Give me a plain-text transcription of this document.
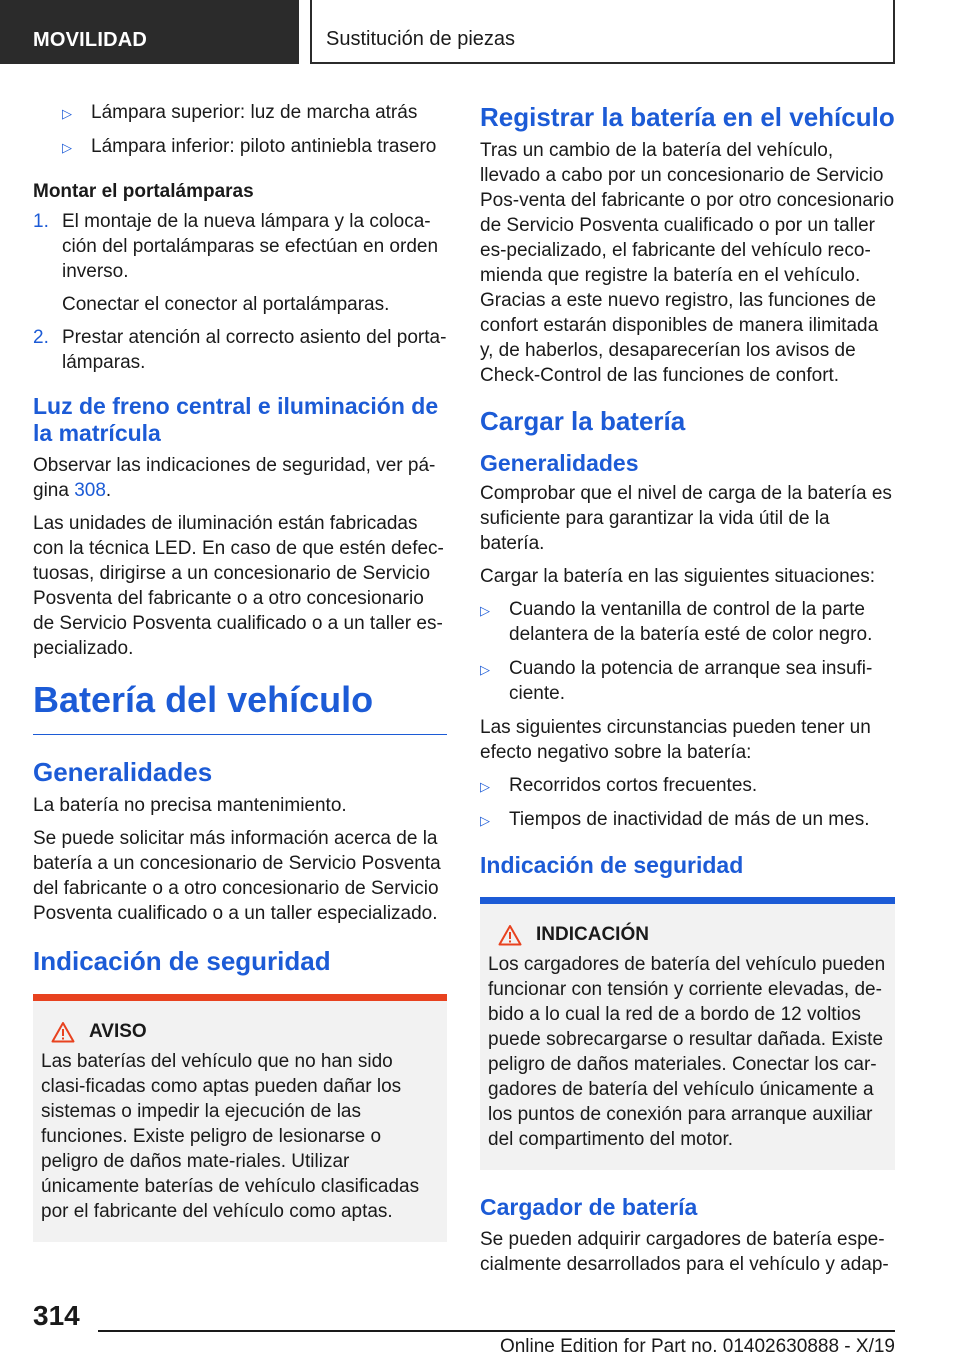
MOVILIDAD	Sustitución de piezas
▷ Lámpara superior: luz de marcha atrás
▷ Lámpara inferior: piloto antiniebla trasero
Montar el portalámparas
1. El montaje de la nueva lámpara y la coloca-ción del portalámparas se efectúan en orden inverso.
Conectar el conector al portalámparas.
2. Prestar atención al correcto asiento del porta-lámparas.
Luz de freno central e iluminación de la matrícula

Observar las indicaciones de seguridad, ver pá-gina 308.

Las unidades de iluminación están fabricadas con la técnica LED. En caso de que estén defec-tuosas, dirigirse a un concesionario de Servicio Posventa del fabricante o a otro concesionario de Servicio Posventa cualificado o a un taller es-pecializado.

Batería del vehículo
Generalidades

La batería no precisa mantenimiento.

Se puede solicitar más información acerca de la batería a un concesionario de Servicio Posventa del fabricante o a otro concesionario de Servicio Posventa cualificado o a un taller especializado.

Indicación de seguridad
AVISO
Las baterías del vehículo que no han sido clasi-ficadas como aptas pueden dañar los sistemas o impedir la ejecución de las funciones. Existe peligro de lesionarse o peligro de daños mate-riales. Utilizar únicamente baterías de vehículo clasificadas por el fabricante del vehículo como aptas.
Registrar la batería en el vehículo

Tras un cambio de la batería del vehículo, llevado a cabo por un concesionario de Servicio Pos-venta del fabricante o por otro concesionario de Servicio Posventa cualificado o por un taller es-pecializado, el fabricante del vehículo reco-mienda que registre la batería en el vehículo. Gracias a este nuevo registro, las funciones de confort estarán disponibles de manera ilimitada y, de haberlos, desaparecerían los avisos de Check-Control de las funciones de confort.

Cargar la batería
Generalidades

Comprobar que el nivel de carga de la batería es suficiente para garantizar la vida útil de la batería.

Cargar la batería en las siguientes situaciones:

▷ Cuando la ventanilla de control de la parte delantera de la batería esté de color negro.
▷ Cuando la potencia de arranque sea insufi-ciente.

Las siguientes circunstancias pueden tener un efecto negativo sobre la batería:

▷ Recorridos cortos frecuentes.
▷ Tiempos de inactividad de más de un mes.
Indicación de seguridad
INDICACIÓN
Los cargadores de batería del vehículo pueden funcionar con tensión y corriente elevadas, de-bido a lo cual la red de a bordo de 12 voltios puede sobrecargarse o resultar dañada. Existe peligro de daños materiales. Conectar los car-gadores de batería del vehículo únicamente a los puntos de conexión para arranque auxiliar del compartimento del motor.
Cargador de batería

Se pueden adquirir cargadores de batería espe-cialmente desarrollados para el vehículo y adap-

314
Online Edition for Part no. 01402630888 - X/19
